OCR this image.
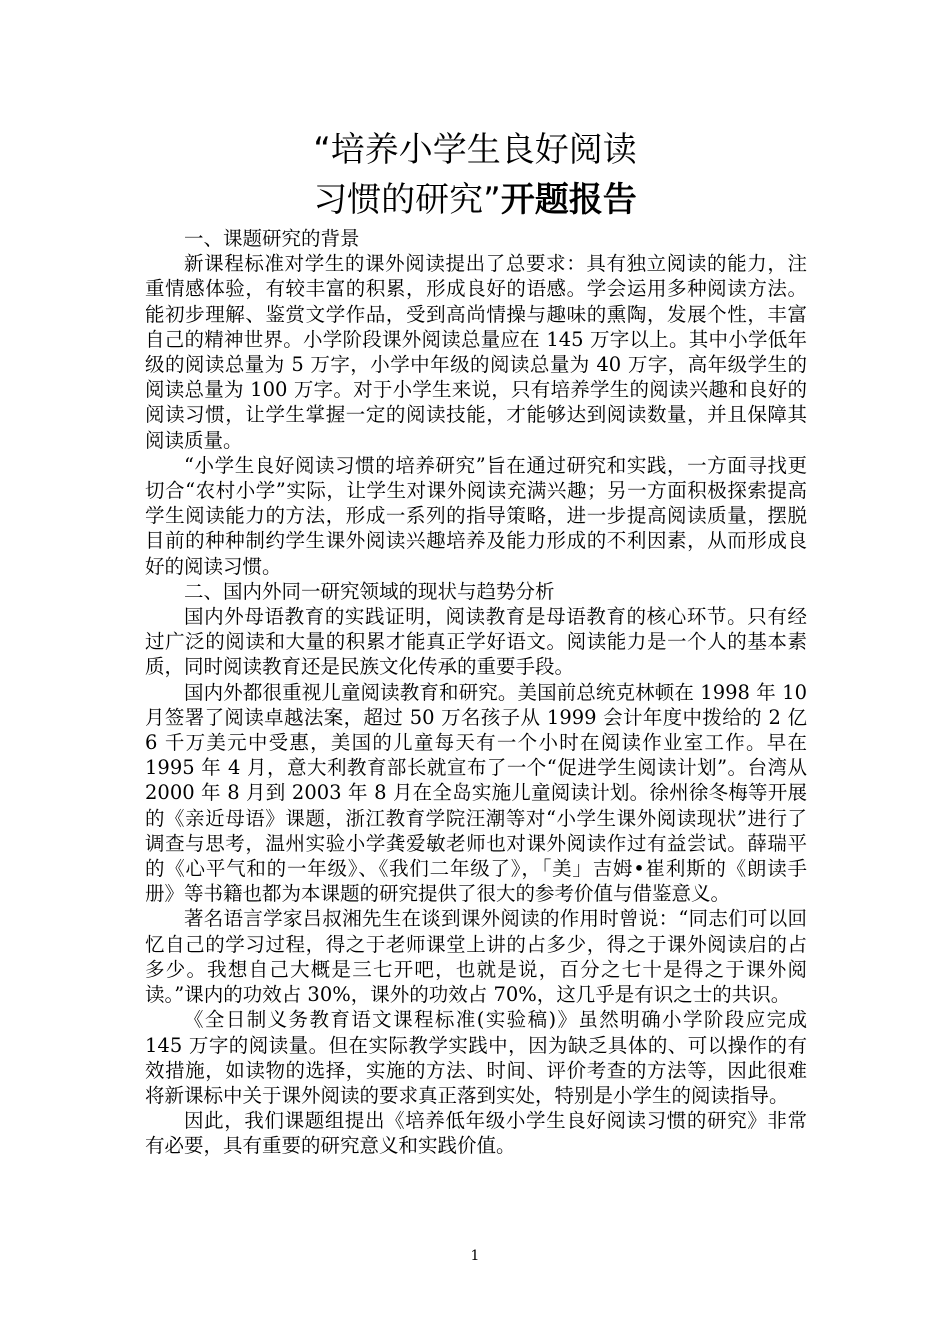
“培养小学生良好阅读
习惯的研究”开题报告

一、课题研究的背景

新课程标准对学生的课外阅读提出了总要求：具有独立阅读的能力，注重情感体验，有较丰富的积累，形成良好的语感。学会运用多种阅读方法。能初步理解、鉴赏文学作品，受到高尚情操与趣味的熏陶，发展个性，丰富自己的精神世界。小学阶段课外阅读总量应在 145 万字以上。其中小学低年级的阅读总量为 5 万字，小学中年级的阅读总量为 40 万字，高年级学生的阅读总量为 100 万字。对于小学生来说，只有培养学生的阅读兴趣和良好的阅读习惯，让学生掌握一定的阅读技能，才能够达到阅读数量，并且保障其阅读质量。

“小学生良好阅读习惯的培养研究”旨在通过研究和实践，一方面寻找更切合“农村小学”实际，让学生对课外阅读充满兴趣；另一方面积极探索提高学生阅读能力的方法，形成一系列的指导策略，进一步提高阅读质量，摆脱目前的种种制约学生课外阅读兴趣培养及能力形成的不利因素，从而形成良好的阅读习惯。

二、国内外同一研究领域的现状与趋势分析

国内外母语教育的实践证明，阅读教育是母语教育的核心环节。只有经过广泛的阅读和大量的积累才能真正学好语文。阅读能力是一个人的基本素质，同时阅读教育还是民族文化传承的重要手段。

国内外都很重视儿童阅读教育和研究。美国前总统克林顿在 1998 年 10 月签署了阅读卓越法案，超过 50 万名孩子从 1999 会计年度中拨给的 2 亿 6 千万美元中受惠，美国的儿童每天有一个小时在阅读作业室工作。早在 1995 年 4 月，意大利教育部长就宣布了一个“促进学生阅读计划”。台湾从 2000 年 8 月到 2003 年 8 月在全岛实施儿童阅读计划。徐州徐冬梅等开展的《亲近母语》课题，浙江教育学院汪潮等对“小学生课外阅读现状”进行了调查与思考，温州实验小学龚爱敏老师也对课外阅读作过有益尝试。薛瑞平的《心平气和的一年级》、《我们二年级了》，「美」吉姆•崔利斯的《朗读手册》等书籍也都为本课题的研究提供了很大的参考价值与借鉴意义。

著名语言学家吕叔湘先生在谈到课外阅读的作用时曾说：“同志们可以回忆自己的学习过程，得之于老师课堂上讲的占多少，得之于课外阅读启的占多少。我想自己大概是三七开吧，也就是说，百分之七十是得之于课外阅读。”课内的功效占 30%，课外的功效占 70%，这几乎是有识之士的共识。

《全日制义务教育语文课程标准(实验稿)》虽然明确小学阶段应完成 145 万字的阅读量。但在实际教学实践中，因为缺乏具体的、可以操作的有效措施，如读物的选择，实施的方法、时间、评价考查的方法等，因此很难将新课标中关于课外阅读的要求真正落到实处，特别是小学生的阅读指导。

因此，我们课题组提出《培养低年级小学生良好阅读习惯的研究》非常有必要，具有重要的研究意义和实践价值。

1
